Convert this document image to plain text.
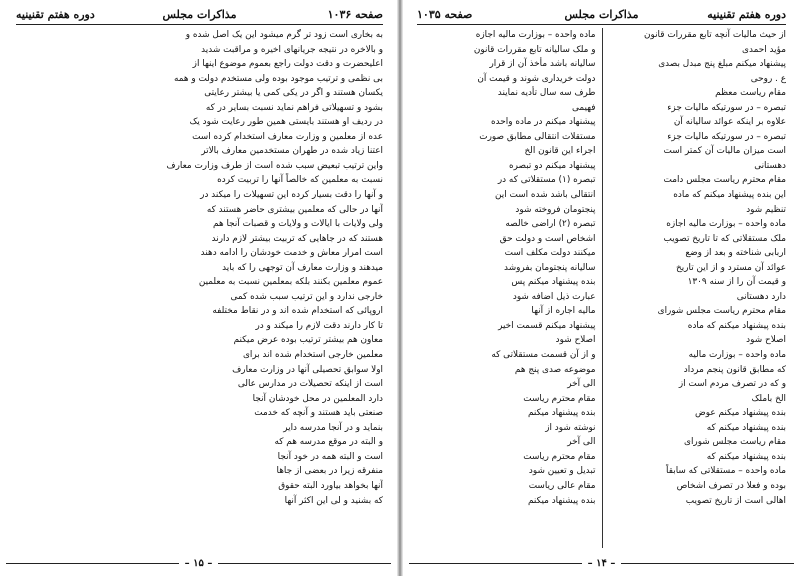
صفحه ۱۰۳۶
مذاکرات مجلس
دوره هفتم تقنینیه
به بخاری است زود تر گرم میشود این یک اصل شده و
و بالاخره در نتیجه جریانهای اخیره و مراقبت شدید
اعلیحضرت و دقت دولت راجع بعموم موضوع اینها از
بی نظمی و ترتیب موجود بوده ولی مستخدم دولت و همه
یکسان هستند و اگر در یکی کمی یا بیشتر رعایتی
بشود و تسهیلاتی فراهم نماید نسبت بسایر در که
در ردیف او هستند بایستی همین طور رعایت شود یک
عده از معلمین و وزارت معارف استخدام کرده است
اعتنا زیاد شده در طهران مستخدمین معارف بالاتر
واین ترتیب تبعیض سبب شده است از طرف وزارت معارف
نسبت به معلمین که خالصاً آنها را تربیت کرده
و آنها را دقت بسیار کرده این تسهیلات را میکند در
آنها در حالی که معلمین بیشتری حاضر هستند که
ولی ولایات با ایالات و ولایات و قصبات آنجا هم
هستند که در جاهایی که تربیت بیشتر لازم دارند
است امرار معاش و خدمت خودشان را ادامه دهند
میدهند و وزارت معارف آن توجهی را که باید
عموم معلمین بکنند بلکه بمعلمین نسبت به معلمین
خارجی ندارد و این ترتیب سبب شده کمی
اروپائی که استخدام شده اند و در نقاط مختلفه
تا کار دارند دقت لازم را میکند و در
معاون هم بیشتر ترتیب بوده عرض میکنم
معلمین خارجی استخدام شده اند برای
اولا سوابق تحصیلی آنها در وزارت معارف
است از اینکه تحصیلات در مدارس عالی
دارد المعلمین در محل خودشان آنجا
صنعتی باید هستند و آنچه که خدمت
بنماید و در آنجا مدرسه دایر
و البته در موقع مدرسه هم که
است و البته همه در خود آنجا
منفرقه زیرا در بعضی از جاها
آنها بخواهد بیاورد البته حقوق
که بشنید و لی این اکثر آنها
– ۱۵ –
دوره هفتم تقنینیه
مذاکرات مجلس
صفحه ۱۰۳۵
از حیث مالیات آنچه تابع مقررات قانون
مؤید احمدی
پیشنهاد میکنم مبلغ پنج مبدل بصدی
ع . روحی
مقام ریاست معظم
تبصره – در سورتیکه مالیات جزء
علاوه بر اینکه عوائد سالیانه آن
تبصره – در سورتیکه مالیات جزء
است میزان مالیات آن کمتر است
دهستانی
مقام محترم ریاست مجلس دامت
این بنده پیشنهاد میکنم که ماده
تنظیم شود
ماده واحده – بوزارت مالیه اجازه
ملک مستقلاتی که تا تاریخ تصویب
اربابی شناخته و بعد از وضع
عوائد آن مسترد و از این تاریخ
و قیمت آن را از سنه ۱۳۰۹
دارد دهستانی
مقام محترم ریاست مجلس شورای
بنده پیشنهاد میکنم که ماده
اصلاح شود
ماده واحده – بوزارت مالیه
که مطابق قانون پنجم مرداد
و که در تصرف مردم است از
الخ باملک
بنده پیشنهاد میکنم عوض
بنده پیشنهاد میکنم که
مقام ریاست مجلس شورای
بنده پیشنهاد میکنم که
ماده واحده – مستقلاتی که سابقاً
بوده و فعلا در تصرف اشخاص
اهالی است از تاریخ تصویب
ماده واحده – بوزارت مالیه اجازه
و ملک سالیانه تابع مقررات قانون
سالیانه باشد مأخذ آن از قرار
دولت خریداری شوند و قیمت آن
طرف سه سال تأدیه نمایند
فهیمی
پیشنهاد میکنم در ماده واحده
مستقلات انتقالی مطابق صورت
اجراء این قانون الخ
پیشنهاد میکنم دو تبصره
تبصره (۱) مستقلاتی که در
انتقالی باشد شده است این
پنجتومان فروخته شود
تبصره (۲) اراضی خالصه
اشخاص است و دولت حق
میکنند دولت مکلف است
سالیانه پنجتومان بفروشد
بنده پیشنهاد میکنم پس
عبارت ذیل اضافه شود
مالیه اجاره از آنها
پیشنهاد میکنم قسمت اخیر
اصلاح شود
و از آن قسمت مستقلاتی که
موضوعه صدی پنج هم
الی آخر
مقام محترم ریاست
بنده پیشنهاد میکنم
نوشته شود از
الی آخر
مقام محترم ریاست
تبدیل و تعیین شود
مقام عالی ریاست
بنده پیشنهاد میکنم
– ۱۴ –
